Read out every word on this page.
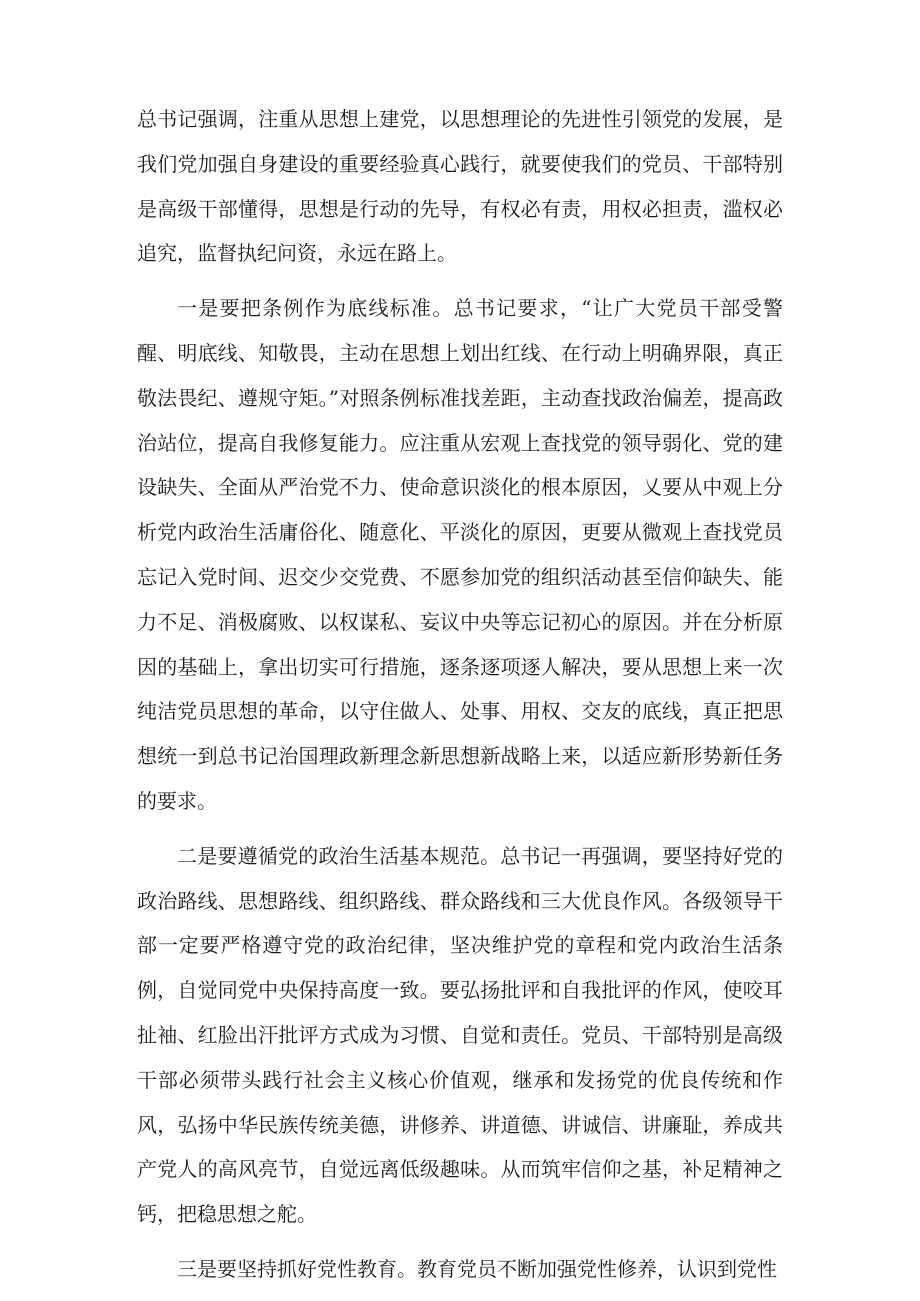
总书记强调，注重从思想上建党，以思想理论的先进性引领党的发展，是我们党加强自身建设的重要经验真心践行，就要使我们的党员、干部特别是高级干部懂得，思想是行动的先导，有权必有责，用权必担责，滥权必追究，监督执纪问资，永远在路上。

一是要把条例作为底线标准。总书记要求，“让广大党员干部受警醒、明底线、知敬畏，主动在思想上划出红线、在行动上明确界限，真正敬法畏纪、遵规守矩。”对照条例标准找差距，主动查找政治偏差，提高政治站位，提高自我修复能力。应注重从宏观上查找党的领导弱化、党的建设缺失、全面从严治党不力、使命意识淡化的根本原因，乂要从中观上分析党内政治生活庸俗化、随意化、平淡化的原因，更要从微观上查找党员忘记入党时间、迟交少交党费、不愿参加党的组织活动甚至信仰缺失、能力不足、消极腐败、以权谋私、妄议中央等忘记初心的原因。并在分析原因的基础上，拿出切实可行措施，逐条逐项逐人解决，要从思想上来一次纯洁党员思想的革命，以守住做人、处事、用权、交友的底线，真正把思想统一到总书记治国理政新理念新思想新战略上来，以适应新形势新任务的要求。

二是要遵循党的政治生活基本规范。总书记一再强调，要坚持好党的政治路线、思想路线、组织路线、群众路线和三大优良作风。各级领导干部一定要严格遵守党的政治纪律，坚决维护党的章程和党内政治生活条例，自觉同党中央保持高度一致。要弘扬批评和自我批评的作风，使咬耳扯袖、红脸出汗批评方式成为习惯、自觉和责任。党员、干部特别是高级干部必须带头践行社会主义核心价值观，继承和发扬党的优良传统和作风，弘扬中华民族传统美德，讲修养、讲道德、讲诚信、讲廉耻，养成共产党人的高风亮节，自觉远离低级趣味。从而筑牢信仰之基，补足精神之钙，把稳思想之舵。

三是要坚持抓好党性教育。教育党员不断加强党性修养，认识到党性
